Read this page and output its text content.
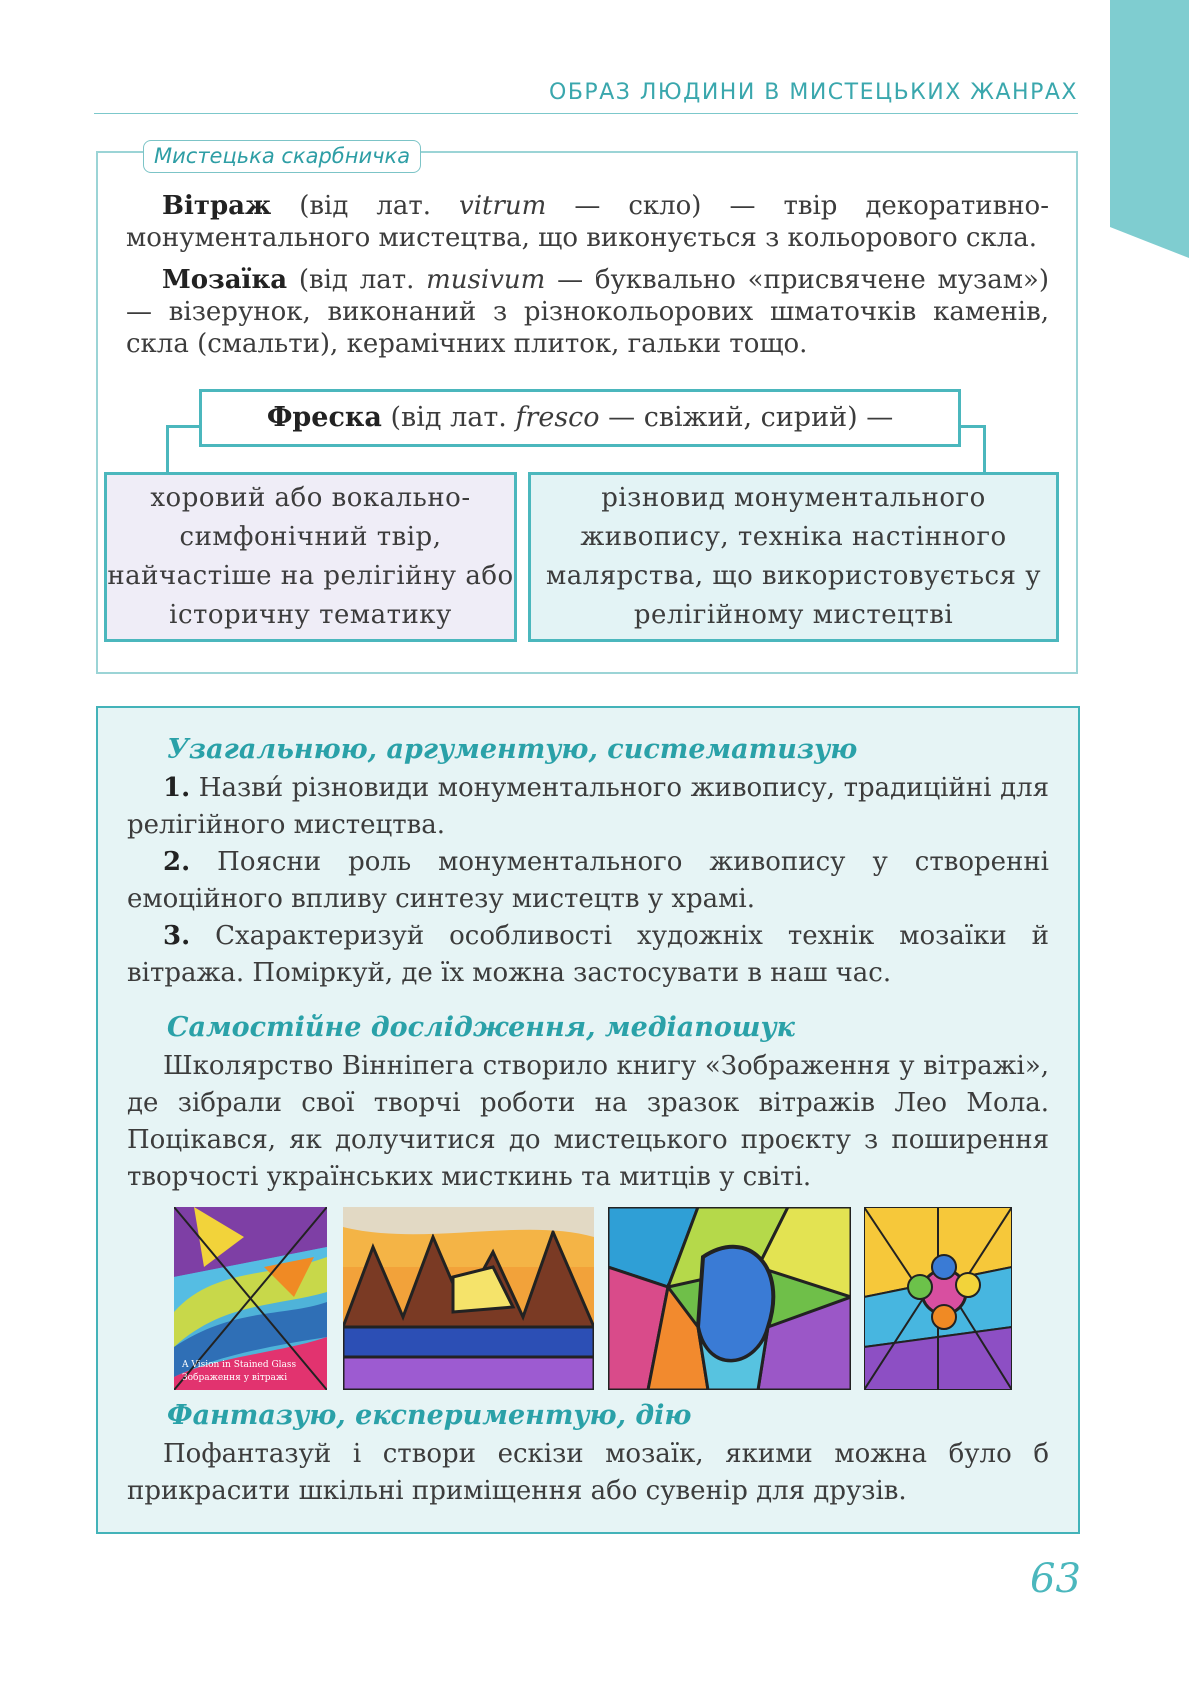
ОБРАЗ ЛЮДИНИ В МИСТЕЦЬКИХ ЖАНРАХ
Мистецька скарбничка

Вітраж (від лат. vitrum — скло) — твір декоративно-монументального мистецтва, що виконується з кольорового скла.

Мозаїка (від лат. musivum — буквально «присвячене музам») — візерунок, виконаний з різнокольорових шматочків каменів, скла (смальти), керамічних плиток, гальки тощо.

Фреска (від лат. fresco — свіжий, сирий) —
хоровий або вокально-симфонічний твір, найчастіше на релігійну або історичну тематику
різновид монументального живопису, техніка настінного малярства, що використовується у релігійному мистецтві

Узагальнюю, аргументую, систематизую

1. Назви́ різновиди монументального живопису, традиційні для релігійного мистецтва.

2. Поясни роль монументального живопису у створенні емоційного впливу синтезу мистецтв у храмі.

3. Схарактеризуй особливості художніх технік мозаїки й вітража. Поміркуй, де їх можна застосувати в наш час.

Самостійне дослідження, медіапошук

Школярство Вінніпега створило книгу «Зображення у вітражі», де зібрали свої творчі роботи на зразок вітражів Лео Мола. Поцікався, як долучитися до мистецького проєкту з поширення творчості українських мисткинь та митців у світі.

A Vision in Stained Glass
Зображення у вітражі

Фантазую, експериментую, дію

Пофантазуй і створи ескізи мозаїк, якими можна було б прикрасити шкільні приміщення або сувенір для друзів.

63
